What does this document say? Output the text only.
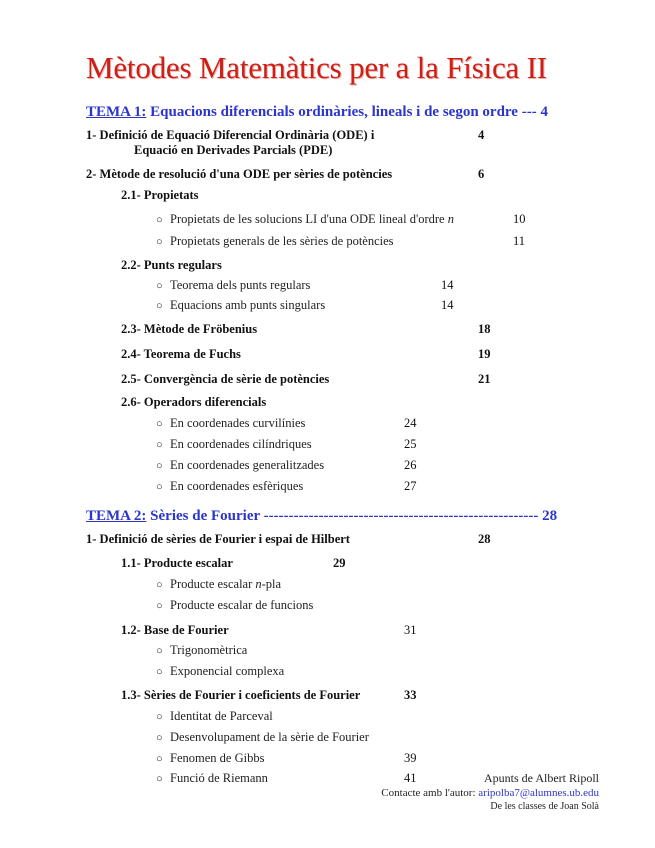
Mètodes Matemàtics per a la Física II
TEMA 1: Equacions diferencials ordinàries, lineals i de segon ordre --- 4
1- Definició de Equació Diferencial Ordinària (ODE) i
Equació en Derivades Parcials (PDE)
4
2- Mètode de resolució d'una ODE per sèries de potències	6
2.1- Propietats
○ Propietats de les solucions LI d'una ODE lineal d'ordre n	10
○ Propietats generals de les sèries de potències	11
2.2- Punts regulars
○ Teorema dels punts regulars	14
○ Equacions amb punts singulars	14
2.3- Mètode de Fröbenius	18
2.4- Teorema de Fuchs	19
2.5- Convergència de sèrie de potències	21
2.6- Operadors diferencials
○ En coordenades curvilínies	24
○ En coordenades cilíndriques	25
○ En coordenades generalitzades	26
○ En coordenades esfèriques	27
TEMA 2: Sèries de Fourier ------------------------------------------------------- 28
1- Definició de sèries de Fourier i espai de Hilbert	28
1.1- Producte escalar	29
○ Producte escalar n-pla
○ Producte escalar de funcions
1.2- Base de Fourier	31
○ Trigonomètrica
○ Exponencial complexa
1.3- Sèries de Fourier i coeficients de Fourier	33
○ Identitat de Parceval
○ Desenvolupament de la sèrie de Fourier
○ Fenomen de Gibbs	39
○ Funció de Riemann	41	Apunts de Albert Ripoll
Contacte amb l'autor: aripolba7@alumnes.ub.edu
De les classes de Joan Solà
